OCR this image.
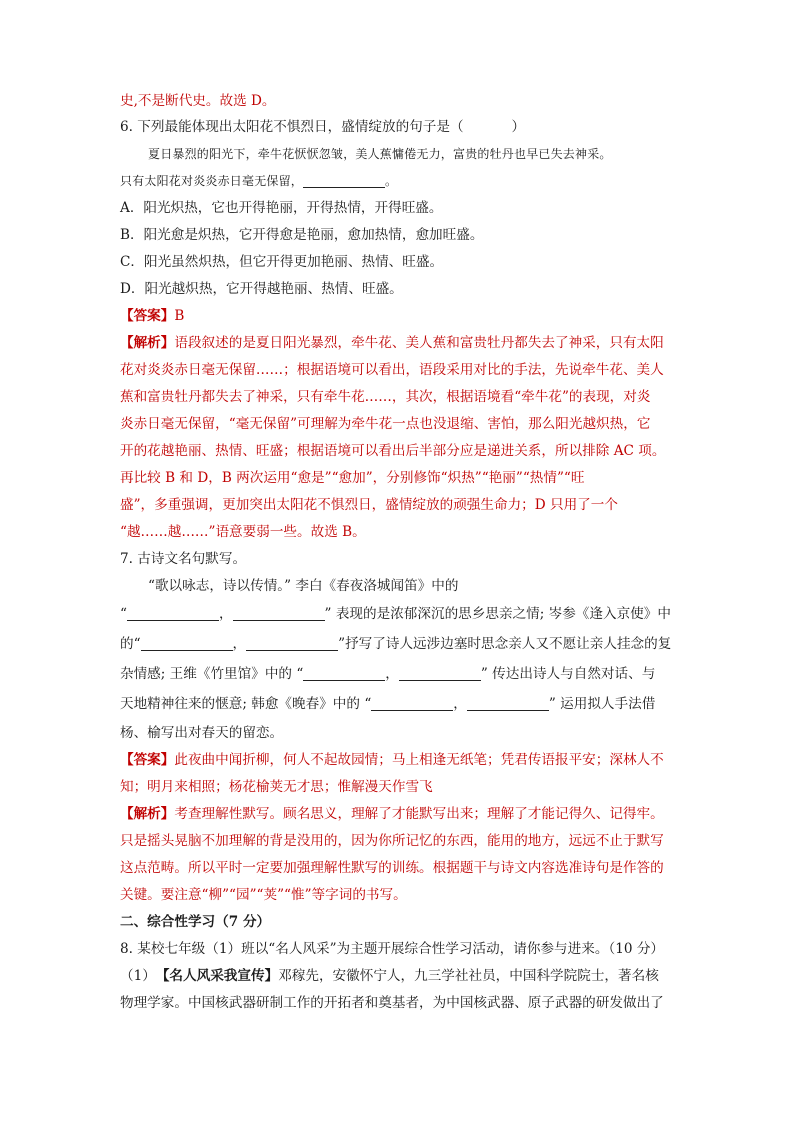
史,不是断代史。故选 D。
6. 下列最能体现出太阳花不惧烈日，盛情绽放的句子是（	）
夏日暴烈的阳光下，牵牛花恹恹忽皱，美人蕉慵倦无力，富贵的牡丹也早已失去神采。
只有太阳花对炎炎赤日毫无保留，	。
A．阳光炽热，它也开得艳丽，开得热情，开得旺盛。
B．阳光愈是炽热，它开得愈是艳丽，愈加热情，愈加旺盛。
C．阳光虽然炽热，但它开得更加艳丽、热情、旺盛。
D．阳光越炽热，它开得越艳丽、热情、旺盛。
【答案】 B
【解析】 语段叙述的是夏日阳光暴烈，牵牛花、美人蕉和富贵牡丹都失去了神采，只有太阳
花对炎炎赤日毫无保留……；根据语境可以看出，语段采用对比的手法，先说牵牛花、美人
蕉和富贵牡丹都失去了神采，只有牵牛花……，其次，根据语境看“牵牛花”的表现，对炎
炎赤日毫无保留，“毫无保留”可理解为牵牛花一点也没退缩、害怕，那么阳光越炽热，它
开的花越艳丽、热情、旺盛；根据语境可以看出后半部分应是递进关系，所以排除 AC 项。
再比较 B 和 D，B 两次运用“愈是”“愈加”，分别修饰“炽热”“艳丽”“热情”“旺
盛”，多重强调，更加突出太阳花不惧烈日，盛情绽放的顽强生命力；D 只用了一个
“越……越……”语意要弱一些。故选 B。
7. 古诗文名句默写。
“歌以咏志，诗以传情。” 李白《春夜洛城闻笛》中的
“	，	” 表现的是浓郁深沉的思乡思亲之情; 岑参《逢入京使》中
的“	，	”抒写了诗人远涉边塞时思念亲人又不愿让亲人挂念的复
杂情感; 王维《竹里馆》中的 “	，	” 传达出诗人与自然对话、与
天地精神往来的惬意; 韩愈《晚春》中的 “	，	” 运用拟人手法借
杨、榆写出对春天的留恋。
【答案】 此夜曲中闻折柳，何人不起故园情；马上相逢无纸笔；凭君传语报平安；深林人不
知；明月来相照；杨花榆荚无才思；惟解漫天作雪飞
【解析】 考查理解性默写。顾名思义，理解了才能默写出来；理解了才能记得久、记得牢。
只是摇头晃脑不加理解的背是没用的，因为你所记忆的东西，能用的地方，远远不止于默写
这点范畴。所以平时一定要加强理解性默写的训练。根据题干与诗文内容选准诗句是作答的
关键。要注意“柳”“园”“荚”“惟”等字词的书写。
二、综合性学习（7 分）
8. 某校七年级（1）班以“名人风采”为主题开展综合性学习活动，请你参与进来。（10 分）
（1） 【名人风采我宣传】 邓稼先，安徽怀宁人，九三学社社员，中国科学院院士，著名核
物理学家。中国核武器研制工作的开拓者和奠基者，为中国核武器、原子武器的研发做出了
